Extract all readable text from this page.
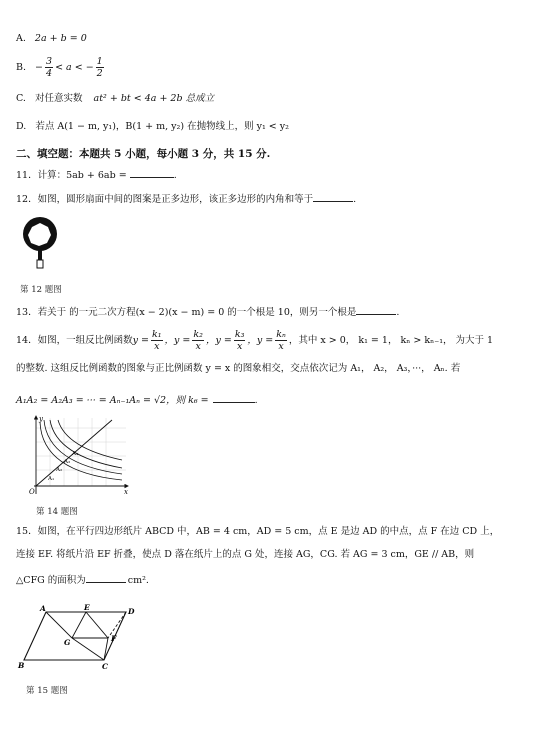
A. 2a + b = 0
B. − $\frac{3}{4} < a$ < − $\frac{1}{2}$
C. 对任意实数 at² + bt < 4a + 2b 总成立
D. 若点 A(1 − m, y₁)，B(1 + m, y₂) 在抛物线上，则 y₁ < y₂
二、填空题：本题共 5 小题，每小题 3 分，共 15 分.
11．计算：5ab + 6ab =	.
12．如图，圆形扇面中间的图案是正多边形，该正多边形的内角和等于	.
第 12 题图
13．若关于 的一元二次方程(x − 2)(x − m) = 0 的一个根是 10，则另一个根是	.
14．如图，一组反比例函数$y = \frac{\text{k₁}}{x}$ ，$y = \frac{\text{k₂}}{x}$ ，$y = \frac{\text{k₃}}{x}$ ，$y = \frac{\text{kₙ}}{x}$ ，其中 x > 0， k₁ = 1， kₙ > kₙ₋₁， 为大于 1
的整数. 这组反比例函数的图象与正比例函数 y = x 的图象相交，交点依次记为 A₁， A₂， A₃，···， Aₙ. 若
A₁A₂ = A₂A₃ = ··· = Aₙ₋₁Aₙ = √2，则 k₆ =	.
O	x
y
A₁
A₂
A₃
A₄
第 14 题图
15．如图，在平行四边形纸片 ABCD 中，AB = 4 cm，AD = 5 cm，点 E 是边 AD 的中点，点 F 在边 CD 上，
连接 EF. 将纸片沿 EF 折叠，使点 D 落在纸片上的点 G 处，连接 AG，CG. 若 AG = 3 cm，GE // AB，则
△CFG 的面积为	cm².
A	E	D
G	F
B	C
第 15 题图
